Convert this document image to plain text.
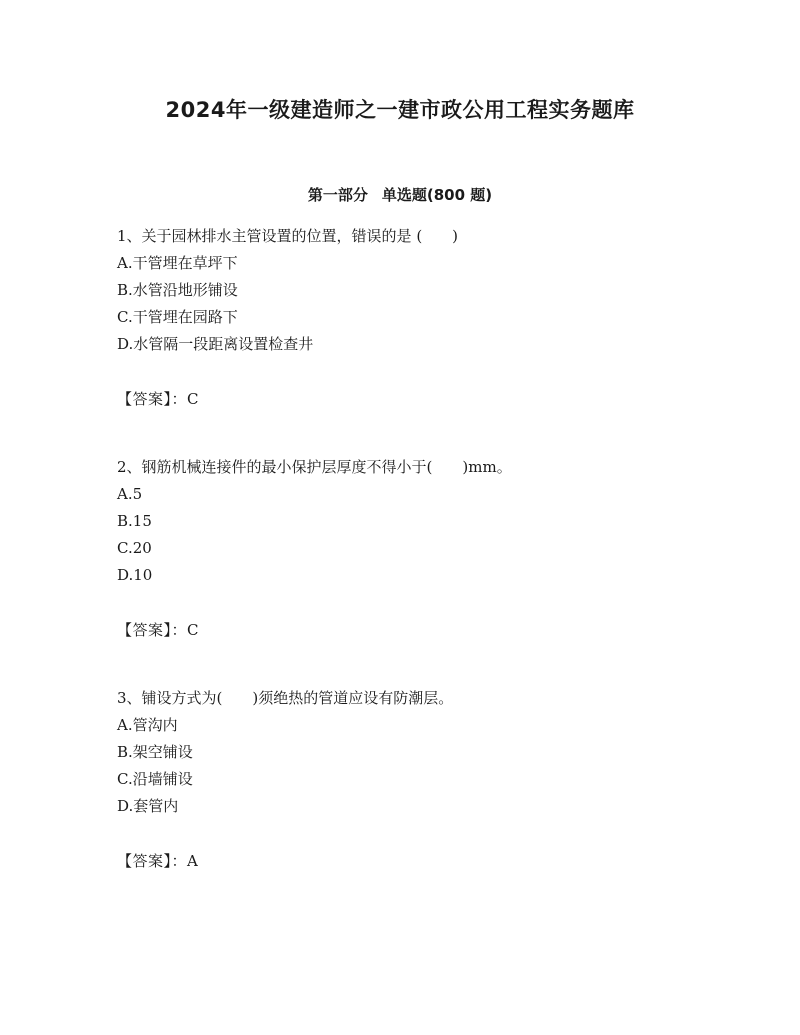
2024年一级建造师之一建市政公用工程实务题库
第一部分 单选题(800 题)
1、关于园林排水主管设置的位置，错误的是 (　　)
A.干管埋在草坪下
B.水管沿地形铺设
C.干管埋在园路下
D.水管隔一段距离设置检查井
【答案】：C
2、钢筋机械连接件的最小保护层厚度不得小于(　　)mm。
A.5
B.15
C.20
D.10
【答案】：C
3、铺设方式为(　　)须绝热的管道应设有防潮层。
A.管沟内
B.架空铺设
C.沿墙铺设
D.套管内
【答案】：A
